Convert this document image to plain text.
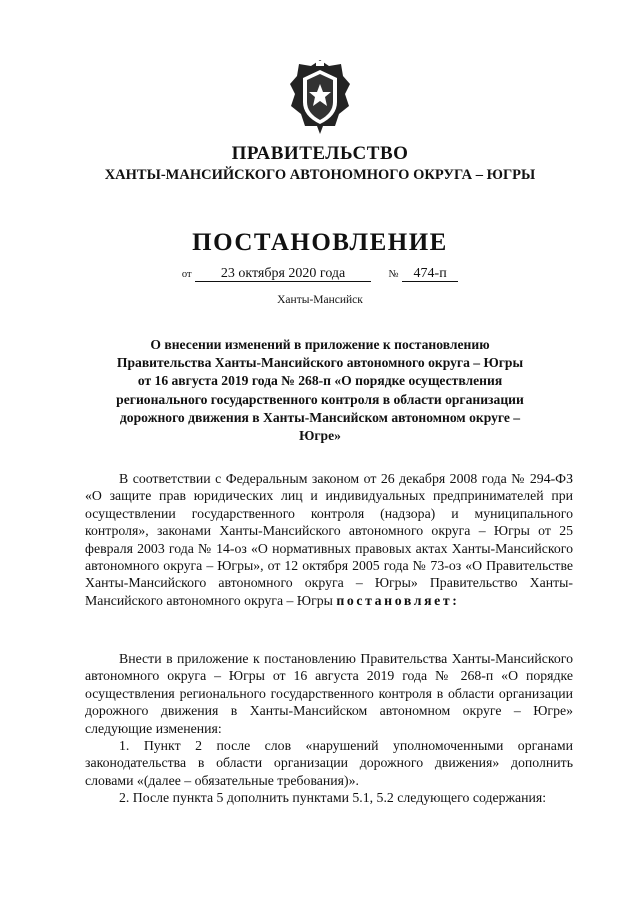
ПРАВИТЕЛЬСТВО
ХАНТЫ-МАНСИЙСКОГО АВТОНОМНОГО ОКРУГА – ЮГРЫ
ПОСТАНОВЛЕНИЕ
от 23 октября 2020 года	№ 474-п
Ханты-Мансийск
О внесении изменений в приложение к постановлению Правительства Ханты-Мансийского автономного округа – Югры от 16 августа 2019 года № 268-п «О порядке осуществления регионального государственного контроля в области организации дорожного движения в Ханты-Мансийском автономном округе – Югре»

В соответствии с Федеральным законом от 26 декабря 2008 года № 294-ФЗ «О защите прав юридических лиц и индивидуальных предпринимателей при осуществлении государственного контроля (надзора) и муниципального контроля», законами Ханты-Мансийского автономного округа – Югры от 25 февраля 2003 года № 14-оз «О нормативных правовых актах Ханты-Мансийского автономного округа – Югры», от 12 октября 2005 года № 73-оз «О Правительстве Ханты-Мансийского автономного округа – Югры» Правительство Ханты-Мансийского автономного округа – Югры постановляет:

Внести в приложение к постановлению Правительства Ханты-Мансийского автономного округа – Югры от 16 августа 2019 года № 268-п «О порядке осуществления регионального государственного контроля в области организации дорожного движения в Ханты-Мансийском автономном округе – Югре» следующие изменения:

1. Пункт 2 после слов «нарушений уполномоченными органами законодательства в области организации дорожного движения» дополнить словами «(далее – обязательные требования)».

2. После пункта 5 дополнить пунктами 5.1, 5.2 следующего содержания:
